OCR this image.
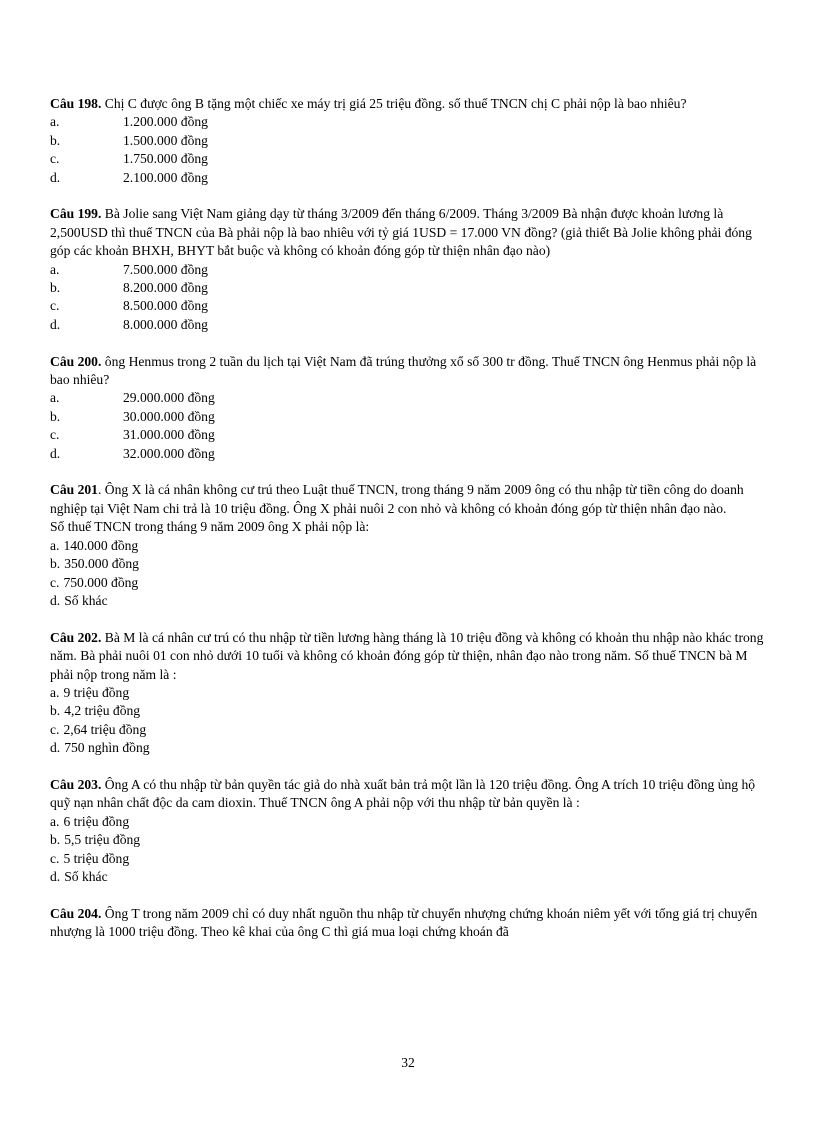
Câu 198. Chị C được ông B tặng một chiếc xe máy trị giá 25 triệu đồng. số thuế TNCN chị C phải nộp là bao nhiêu?

a.	1.200.000 đồng
b.	1.500.000 đồng
c.	1.750.000 đồng
d.	2.100.000 đồng

Câu 199. Bà Jolie sang Việt Nam giảng dạy từ tháng 3/2009 đến tháng 6/2009. Tháng 3/2009 Bà nhận được khoản lương là 2,500USD thì thuế TNCN của Bà phải nộp là bao nhiêu với tỷ giá 1USD = 17.000 VN đồng? (giả thiết Bà Jolie không phải đóng góp các khoản BHXH, BHYT bắt buộc và không có khoản đóng góp từ thiện nhân đạo nào)

a.	7.500.000 đồng
b.	8.200.000 đồng
c.	8.500.000 đồng
d.	8.000.000 đồng

Câu 200. ông Henmus trong 2 tuần du lịch tại Việt Nam đã trúng thưởng xổ số 300 tr đồng. Thuế TNCN ông Henmus phải nộp là bao nhiêu?

a.	29.000.000 đồng
b.	30.000.000 đồng
c.	31.000.000 đồng
d.	32.000.000 đồng

Câu 201. Ông X là cá nhân không cư trú theo Luật thuế TNCN, trong tháng 9 năm 2009 ông có thu nhập từ tiền công do doanh nghiệp tại Việt Nam chi trả là 10 triệu đồng. Ông X phải nuôi 2 con nhỏ và không có khoản đóng góp từ thiện nhân đạo nào.

Số thuế TNCN trong tháng 9 năm 2009 ông X phải nộp là:

a. 140.000 đồng
b. 350.000 đồng
c. 750.000 đồng
d. Số khác

Câu 202. Bà M là cá nhân cư trú có thu nhập từ tiền lương hàng tháng là 10 triệu đồng và không có khoản thu nhập nào khác trong năm. Bà phải nuôi 01 con nhỏ dưới 10 tuổi và không có khoản đóng góp từ thiện, nhân đạo nào trong năm. Số thuế TNCN bà M phải nộp trong năm là :

a. 9 triệu đồng
b. 4,2 triệu đồng
c. 2,64 triệu đồng
d. 750 nghìn đồng

Câu 203. Ông A có thu nhập từ bản quyền tác giả do nhà xuất bản trả một lần là 120 triệu đồng. Ông A trích 10 triệu đồng ủng hộ quỹ nạn nhân chất độc da cam dioxin. Thuế TNCN ông A phải nộp với thu nhập từ bản quyền là :

a. 6 triệu đồng
b. 5,5 triệu đồng
c. 5 triệu đồng
d. Số khác

Câu 204. Ông T trong năm 2009 chỉ có duy nhất nguồn thu nhập từ chuyển nhượng chứng khoán niêm yết với tổng giá trị chuyển nhượng là 1000 triệu đồng. Theo kê khai của ông C thì giá mua loại chứng khoán đã

32
